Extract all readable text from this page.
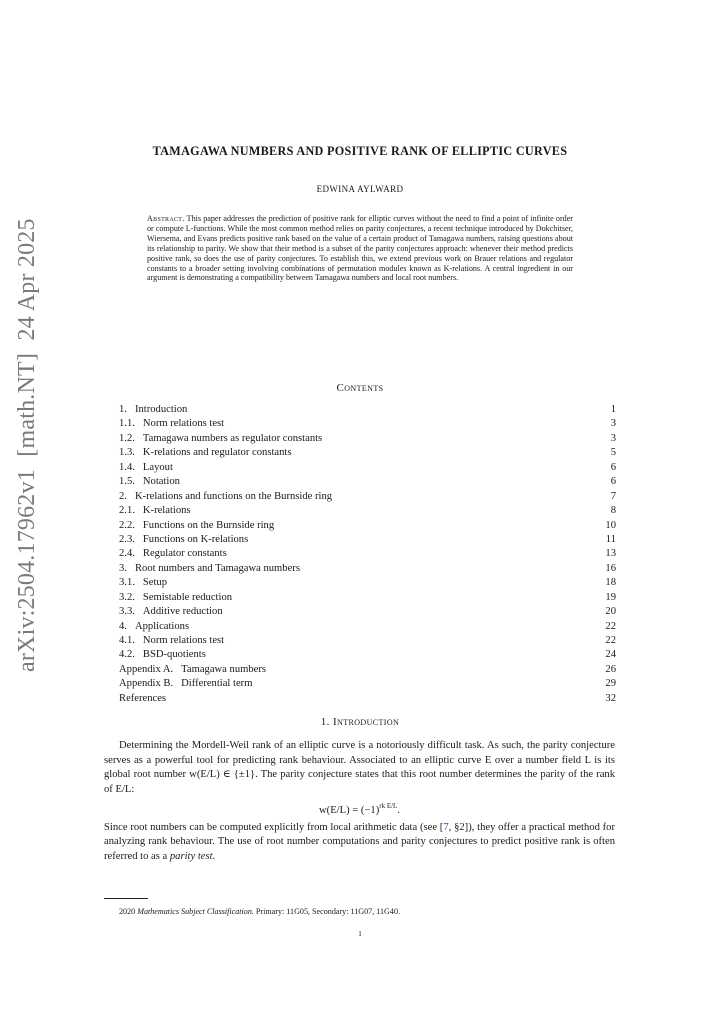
arXiv:2504.17962v1  [math.NT]  24 Apr 2025
TAMAGAWA NUMBERS AND POSITIVE RANK OF ELLIPTIC CURVES
EDWINA AYLWARD
Abstract. This paper addresses the prediction of positive rank for elliptic curves without the need to find a point of infinite order or compute L-functions. While the most common method relies on parity conjectures, a recent technique introduced by Dokchitser, Wiersema, and Evans predicts positive rank based on the value of a certain product of Tamagawa numbers, raising questions about its relationship to parity. We show that their method is a subset of the parity conjectures approach: whenever their method predicts positive rank, so does the use of parity conjectures. To establish this, we extend previous work on Brauer relations and regulator constants to a broader setting involving combinations of permutation modules known as K-relations. A central ingredient in our argument is demonstrating a compatibility between Tamagawa numbers and local root numbers.
Contents
1. Introduction	1
1.1. Norm relations test	3
1.2. Tamagawa numbers as regulator constants	3
1.3. K-relations and regulator constants	5
1.4. Layout	6
1.5. Notation	6
2. K-relations and functions on the Burnside ring	7
2.1. K-relations	8
2.2. Functions on the Burnside ring	10
2.3. Functions on K-relations	11
2.4. Regulator constants	13
3. Root numbers and Tamagawa numbers	16
3.1. Setup	18
3.2. Semistable reduction	19
3.3. Additive reduction	20
4. Applications	22
4.1. Norm relations test	22
4.2. BSD-quotients	24
Appendix A. Tamagawa numbers	26
Appendix B. Differential term	29
References	32
1. Introduction

Determining the Mordell-Weil rank of an elliptic curve is a notoriously difficult task. As such, the parity conjecture serves as a powerful tool for predicting rank behaviour. Associated to an elliptic curve E over a number field L is its global root number w(E/L) ∈ {±1}. The parity conjecture states that this root number determines the parity of the rank of E/L:

$w(E/L) = (-1)^{rk E/L}$.

Since root numbers can be computed explicitly from local arithmetic data (see [7, §2]), they offer a practical method for analyzing rank behaviour. The use of root number computations and parity conjectures to predict positive rank is often referred to as a parity test.

2020 Mathematics Subject Classification. Primary: 11G05, Secondary: 11G07, 11G40.
1
